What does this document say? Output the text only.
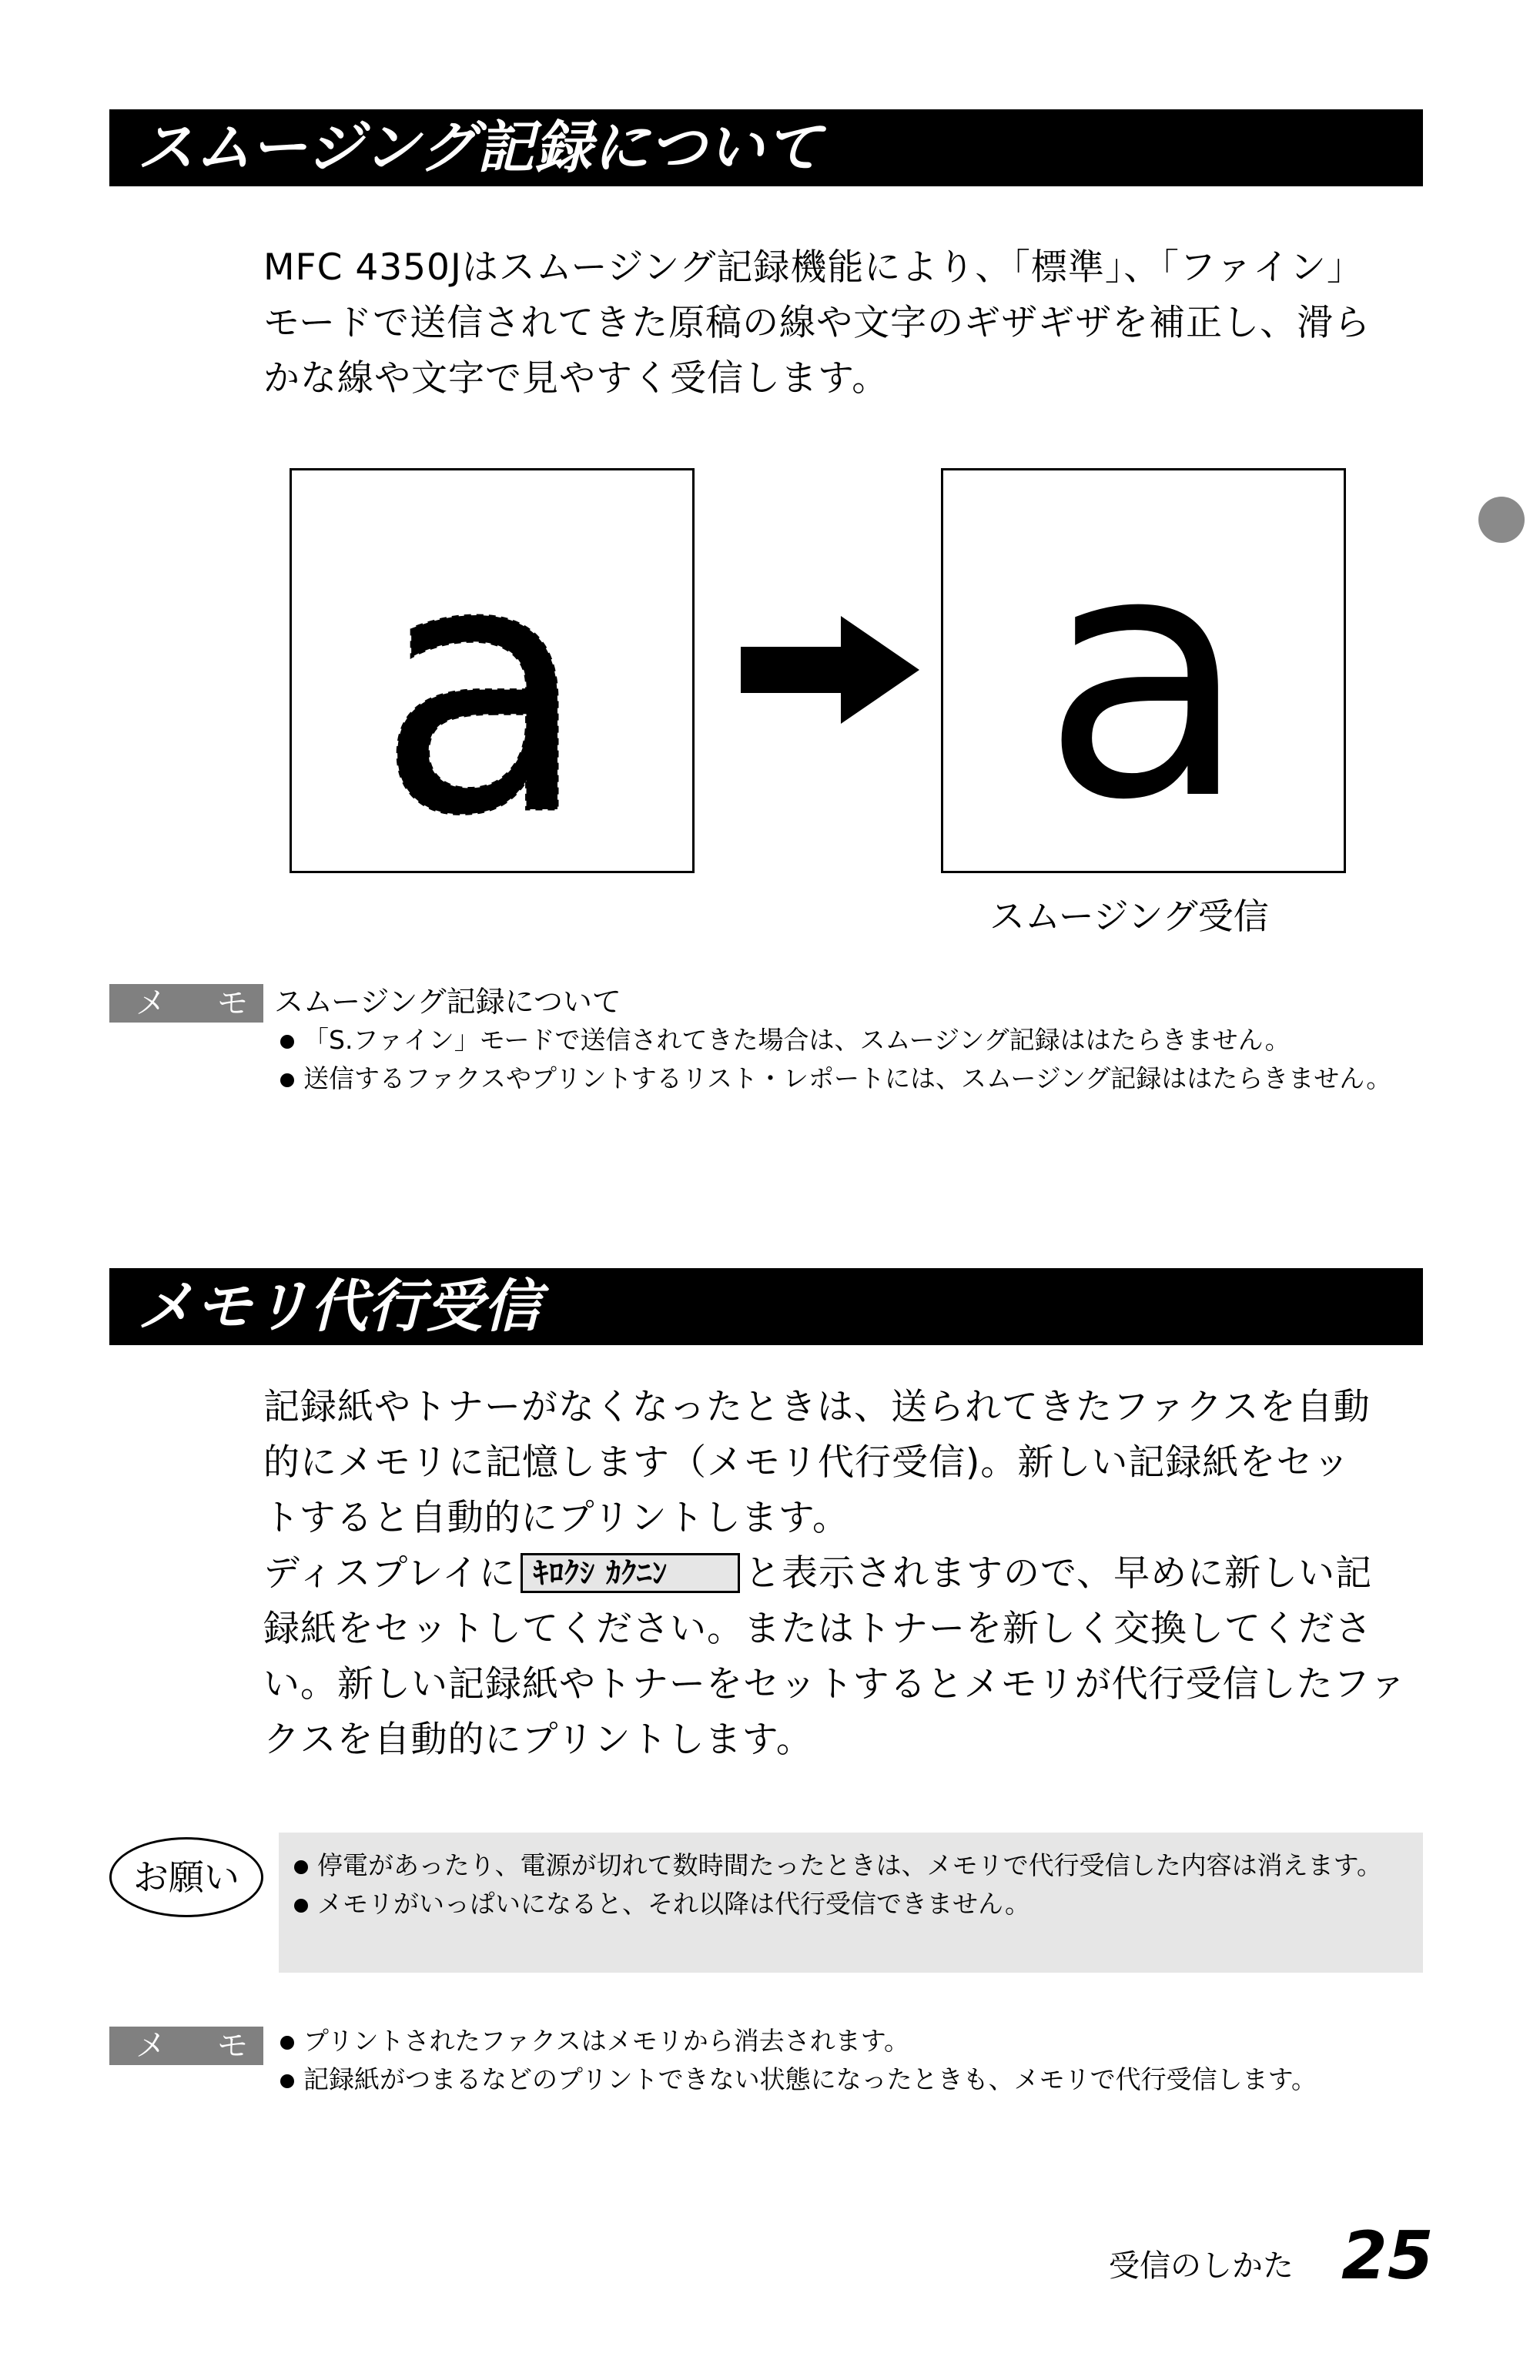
スムージング記録について

MFC 4350Jはスムージング記録機能により、「標準」、「ファイン」

モードで送信されてきた原稿の線や文字のギザギザを補正し、滑ら

かな線や文字で見やすく受信します。

a a
スムージング受信
メ モ スムージング記録について
「S.ファイン」モードで送信されてきた場合は、スムージング記録ははたらきません。
送信するファクスやプリントするリスト・レポートには、スムージング記録ははたらきません。
メモリ代行受信

記録紙やトナーがなくなったときは、送られてきたファクスを自動

的にメモリに記憶します（メモリ代行受信)。新しい記録紙をセッ

トすると自動的にプリントします。

ディスプレイに ｷﾛｸｼ ｶｸﾆﾝ と表示されますので、早めに新しい記

録紙をセットしてください。またはトナーを新しく交換してくださ

い。新しい記録紙やトナーをセットするとメモリが代行受信したファ

クスを自動的にプリントします。

お願い	停電があったり、電源が切れて数時間たったときは、メモリで代行受信した内容は消えます。
メモリがいっぱいになると、それ以降は代行受信できません。
メ モ	プリントされたファクスはメモリから消去されます。
記録紙がつまるなどのプリントできない状態になったときも、メモリで代行受信します。
受信のしかた 25
